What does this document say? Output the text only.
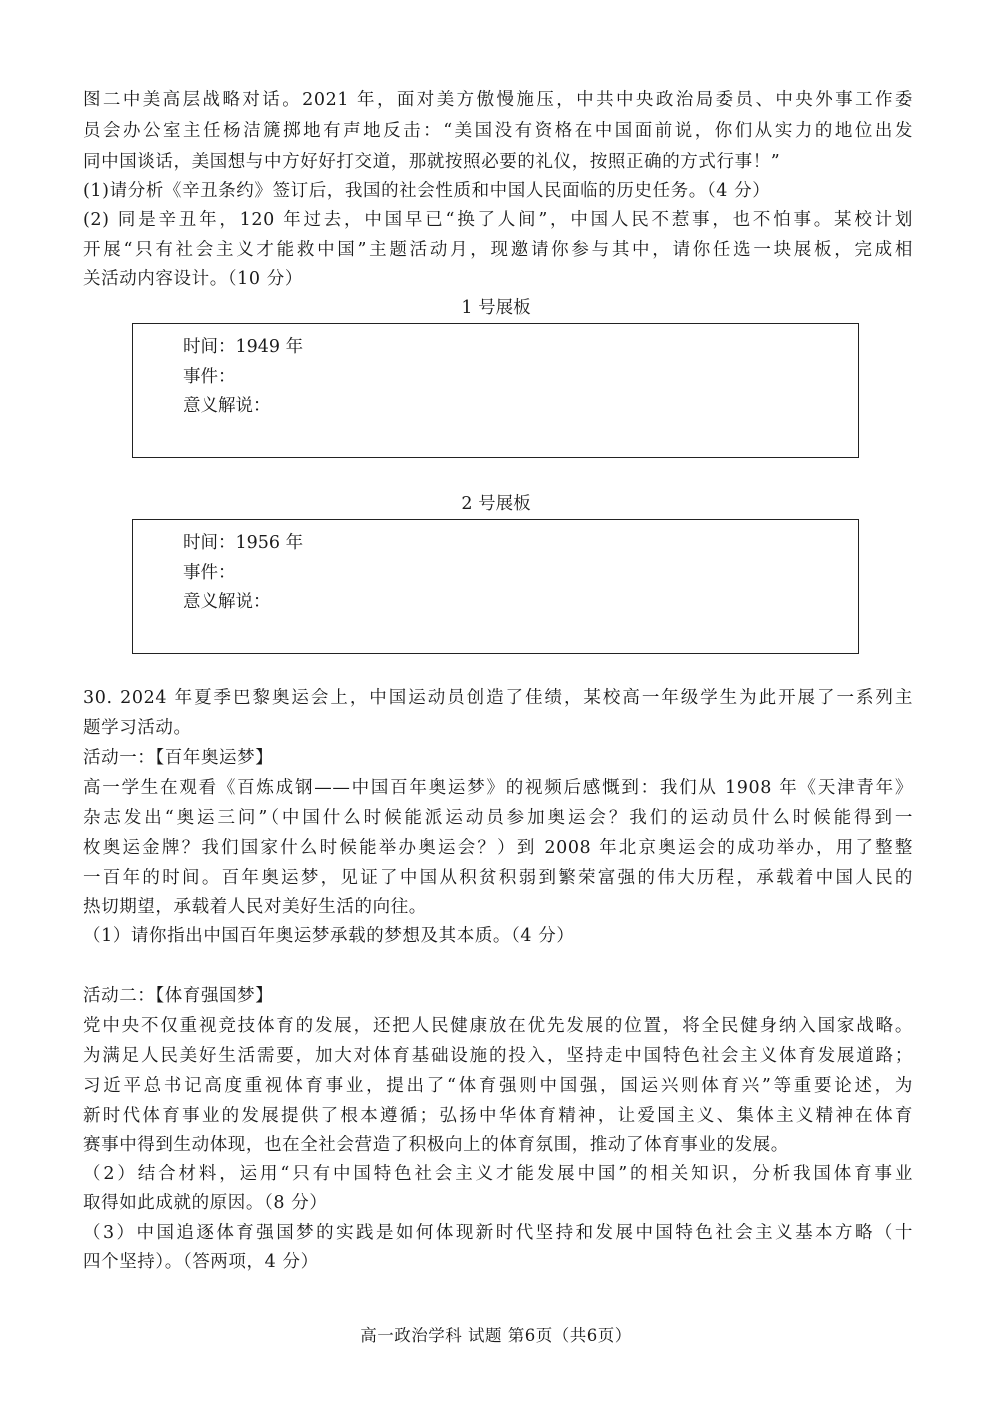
图二中美高层战略对话。2021 年，面对美方傲慢施压，中共中央政治局委员、中央外事工作委
员会办公室主任杨洁篪掷地有声地反击：“美国没有资格在中国面前说，你们从实力的地位出发
同中国谈话，美国想与中方好好打交道，那就按照必要的礼仪，按照正确的方式行事！”
(1)请分析《辛丑条约》签订后，我国的社会性质和中国人民面临的历史任务。（4 分）
(2) 同是辛丑年，120 年过去，中国早已“换了人间”，中国人民不惹事，也不怕事。某校计划
开展“只有社会主义才能救中国”主题活动月，现邀请你参与其中，请你任选一块展板，完成相
关活动内容设计。（10 分）
1 号展板
时间：1949 年
事件：
意义解说：
2 号展板
时间：1956 年
事件：
意义解说：
30. 2024 年夏季巴黎奥运会上，中国运动员创造了佳绩，某校高一年级学生为此开展了一系列主
题学习活动。
活动一：【百年奥运梦】
高一学生在观看《百炼成钢——中国百年奥运梦》的视频后感慨到：我们从 1908 年《天津青年》
杂志发出“奥运三问”（中国什么时候能派运动员参加奥运会？我们的运动员什么时候能得到一
枚奥运金牌？我们国家什么时候能举办奥运会？）到 2008 年北京奥运会的成功举办，用了整整
一百年的时间。百年奥运梦，见证了中国从积贫积弱到繁荣富强的伟大历程，承载着中国人民的
热切期望，承载着人民对美好生活的向往。
（1）请你指出中国百年奥运梦承载的梦想及其本质。（4 分）
活动二：【体育强国梦】
党中央不仅重视竞技体育的发展，还把人民健康放在优先发展的位置，将全民健身纳入国家战略。
为满足人民美好生活需要，加大对体育基础设施的投入，坚持走中国特色社会主义体育发展道路；
习近平总书记高度重视体育事业，提出了“体育强则中国强，国运兴则体育兴”等重要论述，为
新时代体育事业的发展提供了根本遵循；弘扬中华体育精神，让爱国主义、集体主义精神在体育
赛事中得到生动体现，也在全社会营造了积极向上的体育氛围，推动了体育事业的发展。
（2）结合材料，运用“只有中国特色社会主义才能发展中国”的相关知识，分析我国体育事业
取得如此成就的原因。（8 分）
（3）中国追逐体育强国梦的实践是如何体现新时代坚持和发展中国特色社会主义基本方略（十
四个坚持）。（答两项，4 分）
高一政治学科 试题 第6页（共6页）
